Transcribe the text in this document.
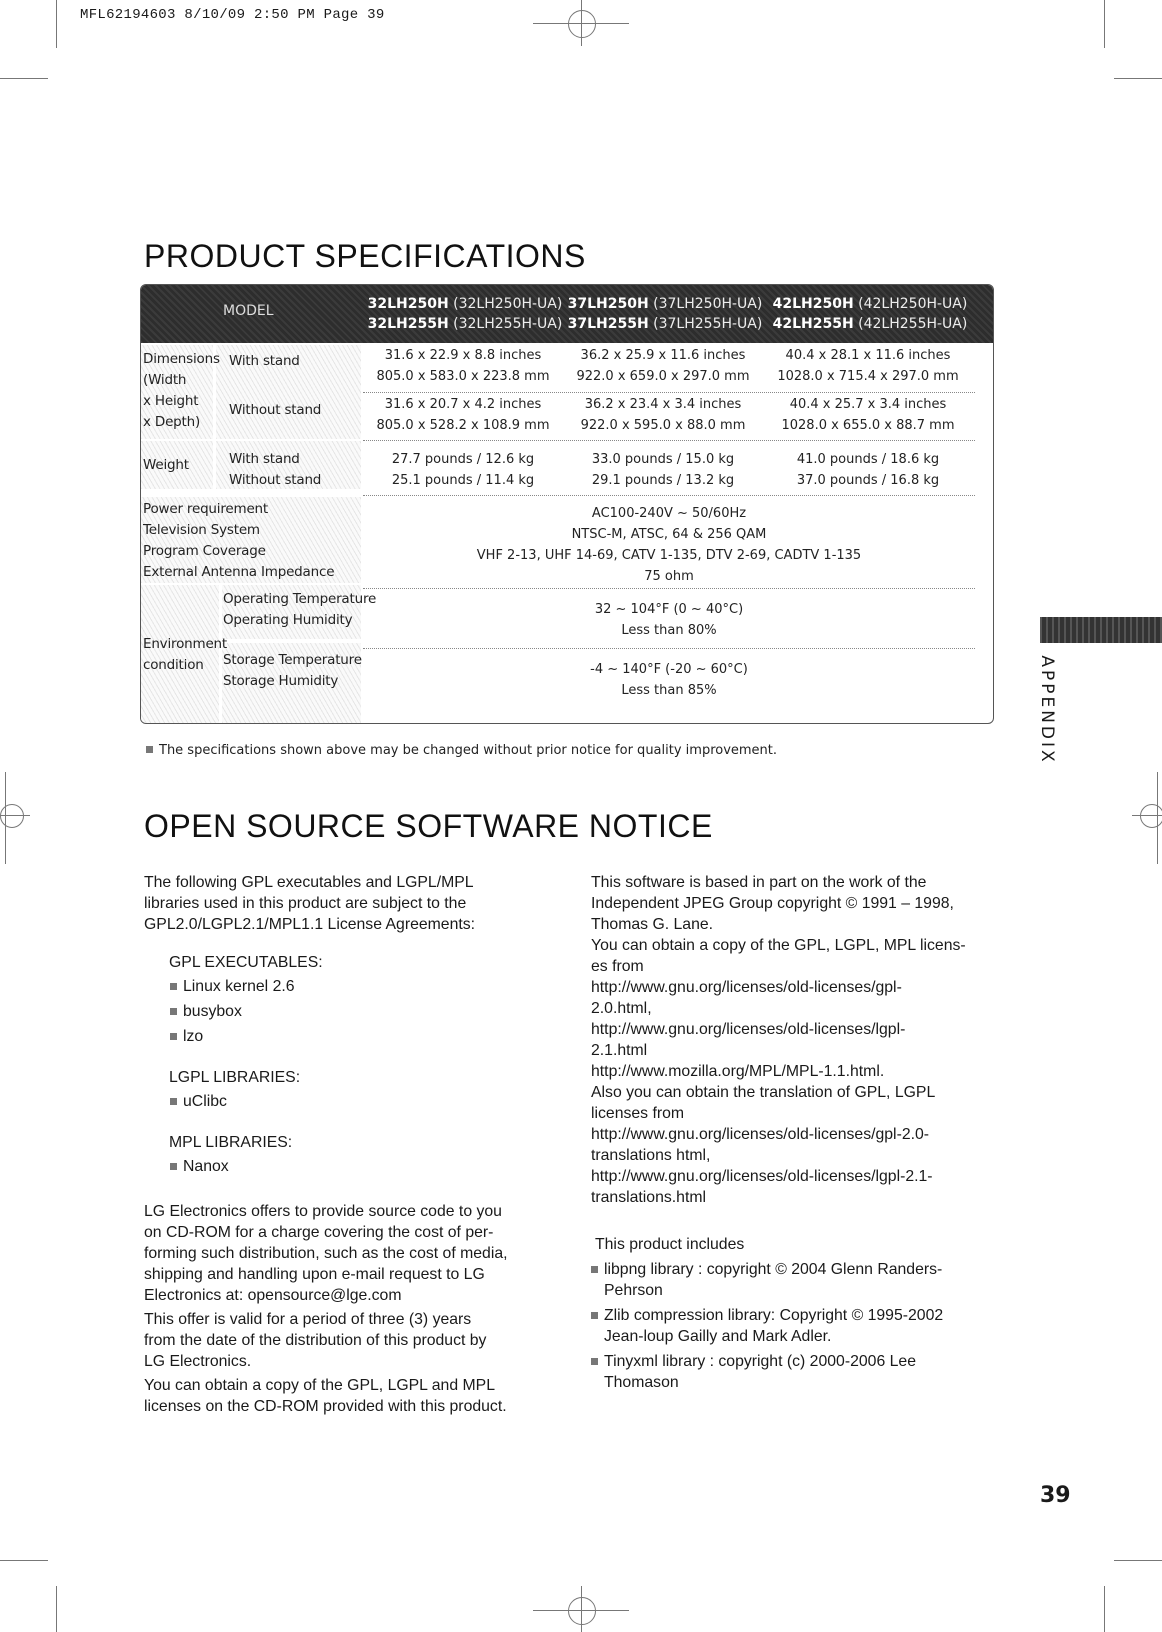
MFL62194603 8/10/09 2:50 PM Page 39
PRODUCT SPECIFICATIONS
MODEL	32LH250H (32LH250H-UA)
32LH255H (32LH255H-UA)
37LH250H (37LH250H-UA)
37LH255H (37LH255H-UA)
42LH250H (42LH250H-UA)
42LH255H (42LH255H-UA)
Dimensions
(Width
x Height
x Depth)
With stand
Without stand
31.6 x 22.9 x 8.8 inches
805.0 x 583.0 x 223.8 mm
36.2 x 25.9 x 11.6 inches
922.0 x 659.0 x 297.0 mm
40.4 x 28.1 x 11.6 inches
1028.0 x 715.4 x 297.0 mm
31.6 x 20.7 x 4.2 inches
805.0 x 528.2 x 108.9 mm
36.2 x 23.4 x 3.4 inches
922.0 x 595.0 x 88.0 mm
40.4 x 25.7 x 3.4 inches
1028.0 x 655.0 x 88.7 mm
Weight	With stand
Without stand
27.7 pounds / 12.6 kg
25.1 pounds / 11.4 kg
33.0 pounds / 15.0 kg
29.1 pounds / 13.2 kg
41.0 pounds / 18.6 kg
37.0 pounds / 16.8 kg
Power requirement
Television System
Program Coverage
External Antenna Impedance
AC100-240V ~ 50/60Hz
NTSC-M, ATSC, 64 & 256 QAM
VHF 2-13, UHF 14-69, CATV 1-135, DTV 2-69, CADTV 1-135
75 ohm
Environment
condition
Operating Temperature
Operating Humidity
32 ~ 104°F (0 ~ 40°C)
Less than 80%
Storage Temperature
Storage Humidity
-4 ~ 140°F (-20 ~ 60°C)
Less than 85%
The specifications shown above may be changed without prior notice for quality improvement.
OPEN SOURCE SOFTWARE NOTICE

The following GPL executables and LGPL/MPL

libraries used in this product are subject to the

GPL2.0/LGPL2.1/MPL1.1 License Agreements:

GPL EXECUTABLES:

Linux kernel 2.6

busybox

lzo

LGPL LIBRARIES:

uClibc

MPL LIBRARIES:

Nanox

LG Electronics offers to provide source code to you

on CD-ROM for a charge covering the cost of per-

forming such distribution, such as the cost of media,

shipping and handling upon e-mail request to LG

Electronics at: opensource@lge.com

This offer is valid for a period of three (3) years

from the date of the distribution of this product by

LG Electronics.

You can obtain a copy of the GPL, LGPL and MPL

licenses on the CD-ROM provided with this product.

This software is based in part on the work of the

Independent JPEG Group copyright © 1991 – 1998,

Thomas G. Lane.

You can obtain a copy of the GPL, LGPL, MPL licens-

es from

http://www.gnu.org/licenses/old-licenses/gpl-

2.0.html,

http://www.gnu.org/licenses/old-licenses/lgpl-

2.1.html

http://www.mozilla.org/MPL/MPL-1.1.html.

Also you can obtain the translation of GPL, LGPL

licenses from

http://www.gnu.org/licenses/old-licenses/gpl-2.0-

translations html,

http://www.gnu.org/licenses/old-licenses/lgpl-2.1-

translations.html

This product includes

libpng library : copyright © 2004 Glenn Randers-

Pehrson

Zlib compression library: Copyright © 1995-2002

Jean-loup Gailly and Mark Adler.

Tinyxml library : copyright (c) 2000-2006 Lee

Thomason

APPENDIX
39
